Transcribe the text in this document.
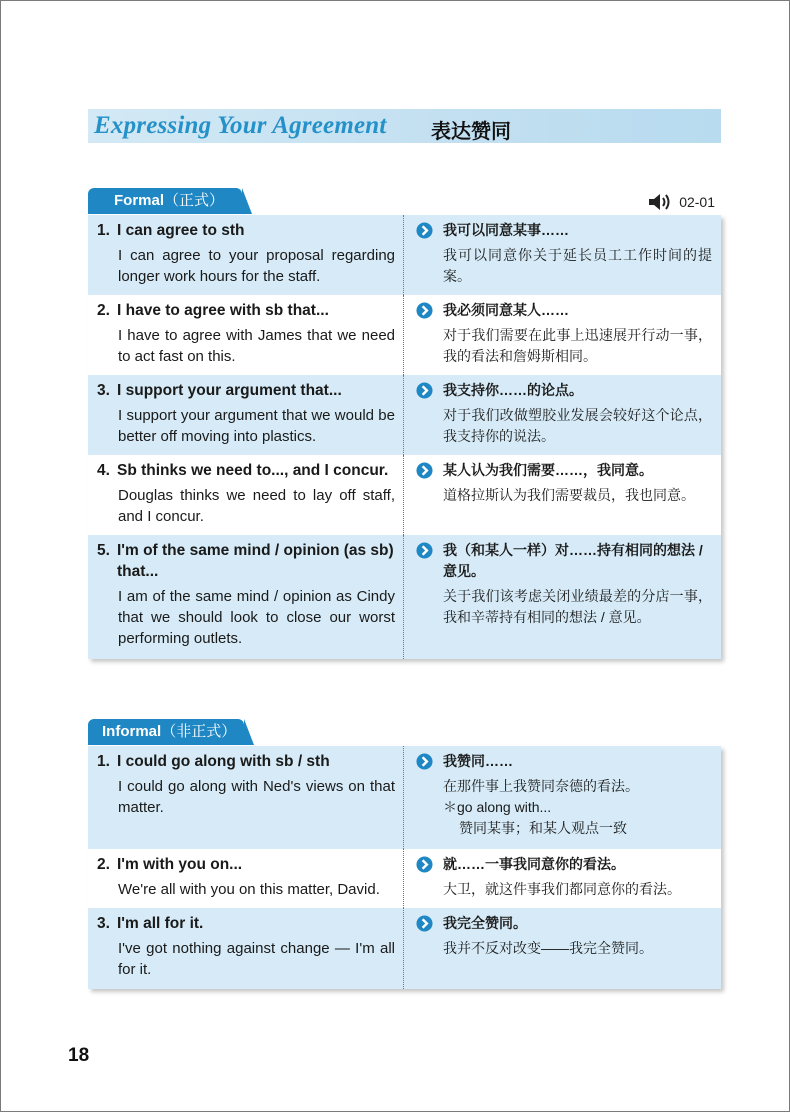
Expressing Your Agreement 表达赞同
Formal（正式）	02-01
1. I can agree to sth
I can agree to your proposal regarding longer work hours for the staff.
我可以同意某事……
我可以同意你关于延长员工工作时间的提案。
2. I have to agree with sb that...
I have to agree with James that we need to act fast on this.
我必须同意某人……
对于我们需要在此事上迅速展开行动一事，我的看法和詹姆斯相同。
3. I support your argument that...
I support your argument that we would be better off moving into plastics.
我支持你……的论点。
对于我们改做塑胶业发展会较好这个论点，我支持你的说法。
4. Sb thinks we need to..., and I concur.
Douglas thinks we need to lay off staff, and I concur.
某人认为我们需要……，我同意。
道格拉斯认为我们需要裁员，我也同意。
5. I'm of the same mind / opinion (as sb) that...
I am of the same mind / opinion as Cindy that we should look to close our worst performing outlets.
我（和某人一样）对……持有相同的想法 / 意见。
关于我们该考虑关闭业绩最差的分店一事，我和辛蒂持有相同的想法 / 意见。
Informal（非正式）
1. I could go along with sb / sth
I could go along with Ned's views on that matter.
我赞同……
在那件事上我赞同奈德的看法。
＊go along with...
赞同某事；和某人观点一致
2. I'm with you on...
We're all with you on this matter, David.
就……一事我同意你的看法。
大卫，就这件事我们都同意你的看法。
3. I'm all for it.
I've got nothing against change — I'm all for it.
我完全赞同。
我并不反对改变——我完全赞同。
18
